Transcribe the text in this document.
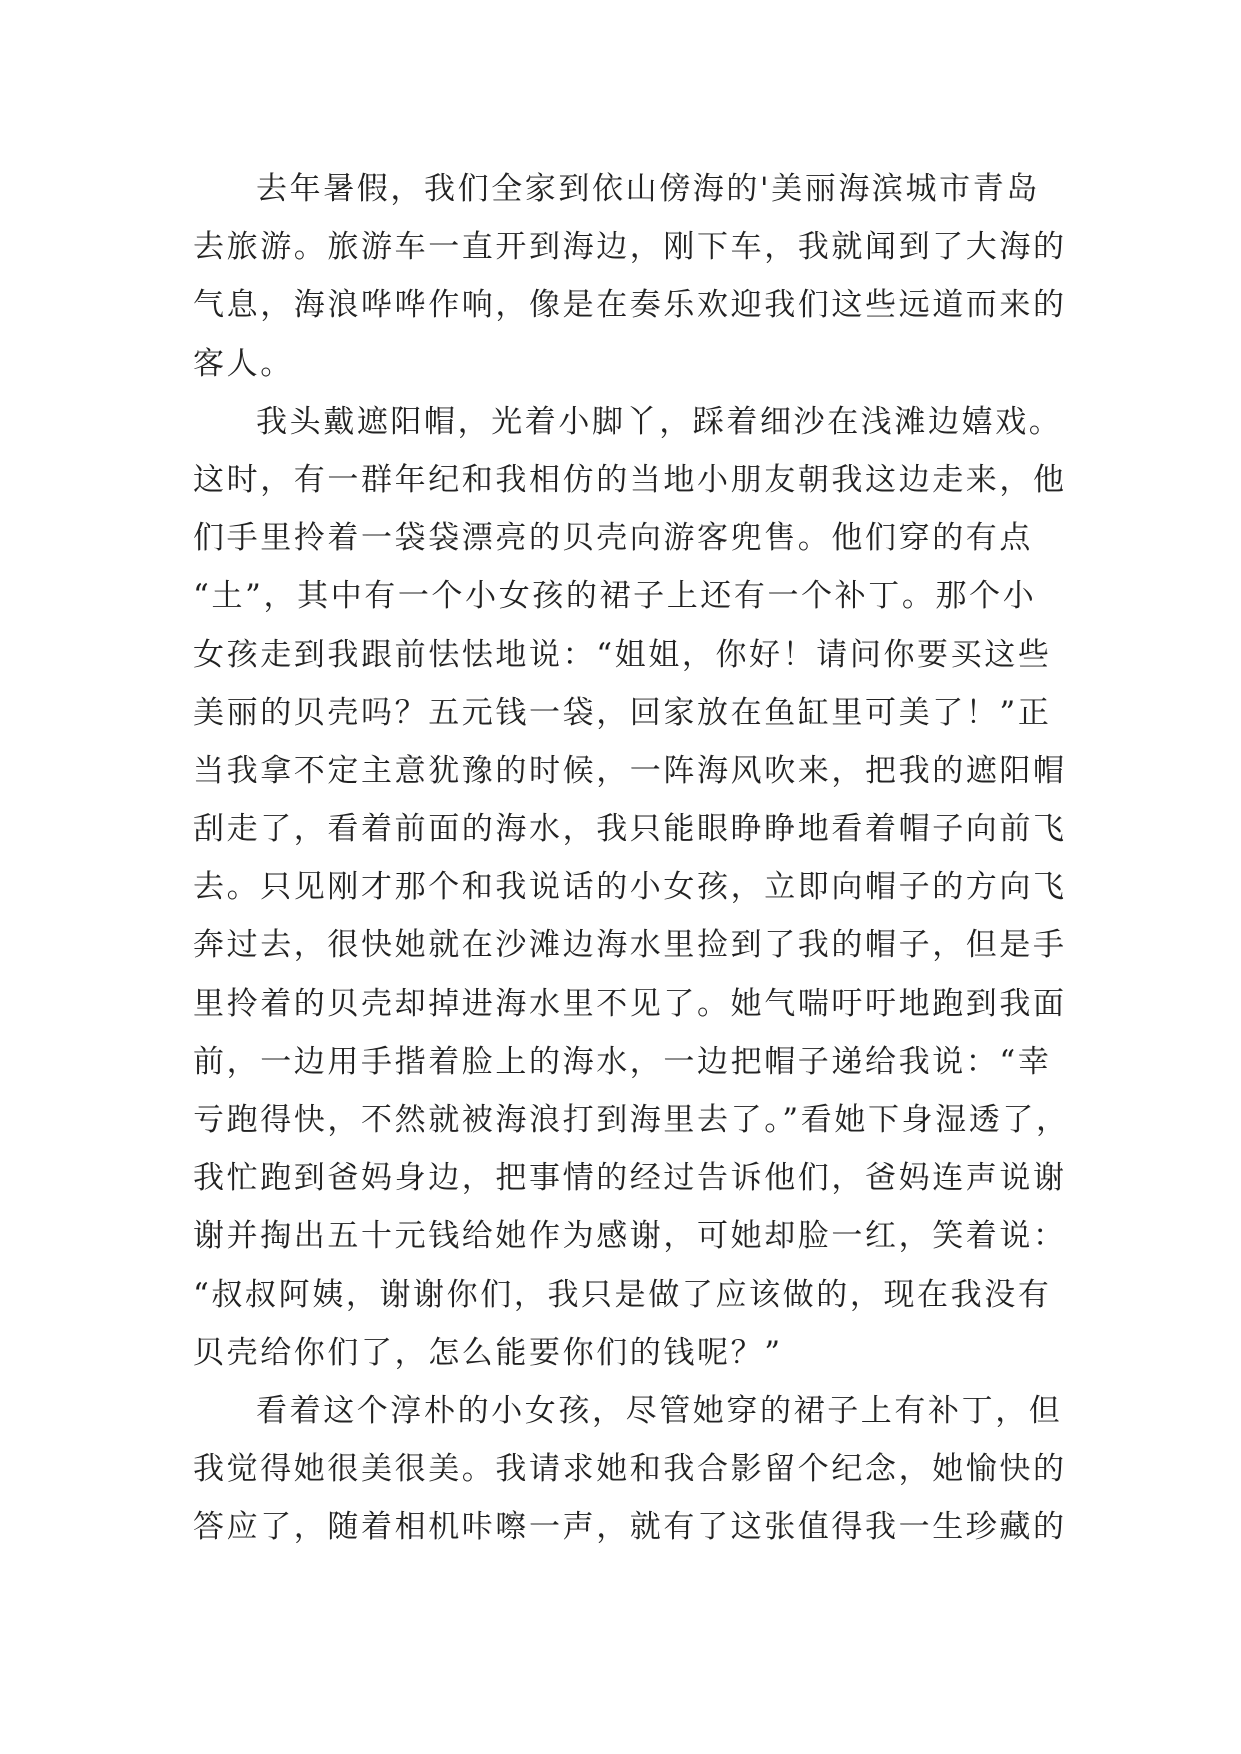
去年暑假，我们全家到依山傍海的'美丽海滨城市青岛
去旅游。旅游车一直开到海边，刚下车，我就闻到了大海的
气息，海浪哗哗作响，像是在奏乐欢迎我们这些远道而来的
客人。
我头戴遮阳帽，光着小脚丫，踩着细沙在浅滩边嬉戏。
这时，有一群年纪和我相仿的当地小朋友朝我这边走来，他
们手里拎着一袋袋漂亮的贝壳向游客兜售。他们穿的有点
“土”，其中有一个小女孩的裙子上还有一个补丁。那个小
女孩走到我跟前怯怯地说：“姐姐，你好！请问你要买这些
美丽的贝壳吗？五元钱一袋，回家放在鱼缸里可美了！”正
当我拿不定主意犹豫的时候，一阵海风吹来，把我的遮阳帽
刮走了，看着前面的海水，我只能眼睁睁地看着帽子向前飞
去。只见刚才那个和我说话的小女孩，立即向帽子的方向飞
奔过去，很快她就在沙滩边海水里捡到了我的帽子，但是手
里拎着的贝壳却掉进海水里不见了。她气喘吁吁地跑到我面
前，一边用手揩着脸上的海水，一边把帽子递给我说：“幸
亏跑得快，不然就被海浪打到海里去了。”看她下身湿透了，
我忙跑到爸妈身边，把事情的经过告诉他们，爸妈连声说谢
谢并掏出五十元钱给她作为感谢，可她却脸一红，笑着说：
“叔叔阿姨，谢谢你们，我只是做了应该做的，现在我没有
贝壳给你们了，怎么能要你们的钱呢？”
看着这个淳朴的小女孩，尽管她穿的裙子上有补丁，但
我觉得她很美很美。我请求她和我合影留个纪念，她愉快的
答应了，随着相机咔嚓一声，就有了这张值得我一生珍藏的
